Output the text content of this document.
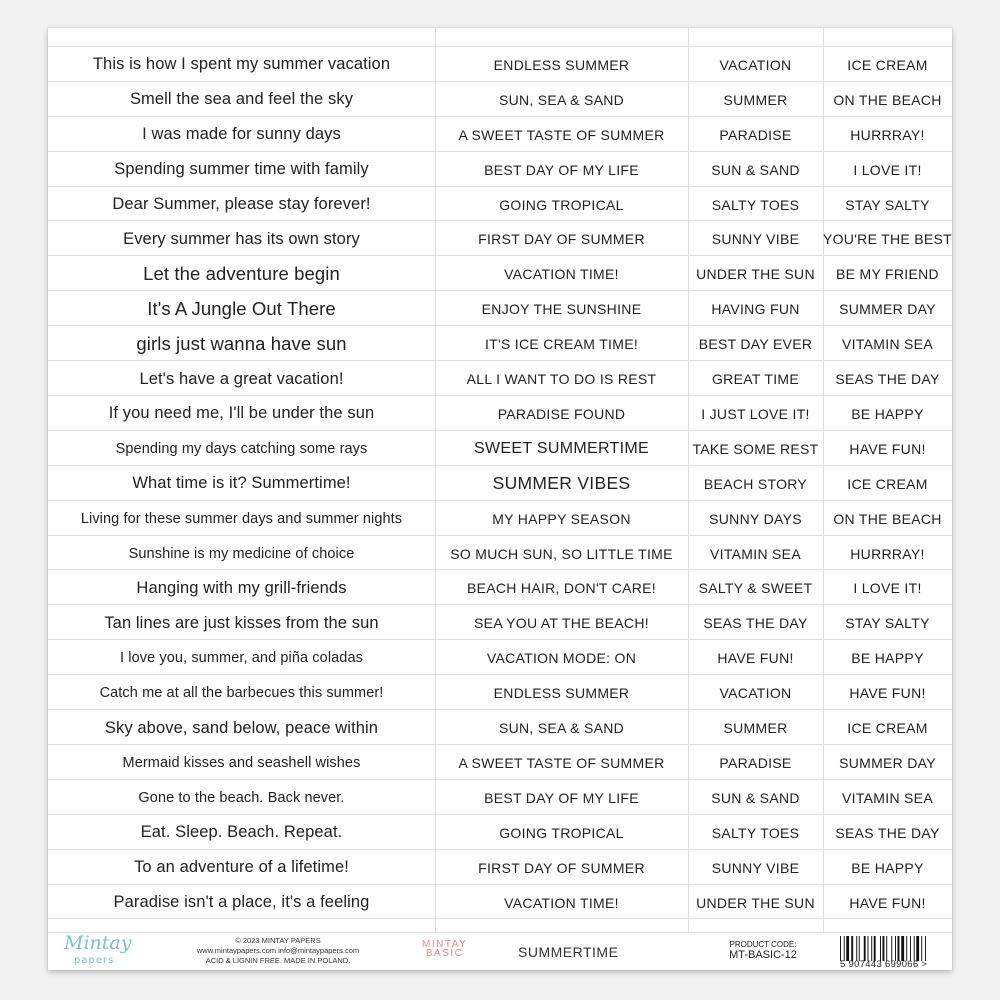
This is how I spent my summer vacation	ENDLESS SUMMER	VACATION	ICE CREAM
Smell the sea and feel the sky	SUN, SEA & SAND	SUMMER	ON THE BEACH
I was made for sunny days	A SWEET TASTE OF SUMMER	PARADISE	HURRRAY!
Spending summer time with family	BEST DAY OF MY LIFE	SUN & SAND	I LOVE IT!
Dear Summer, please stay forever!	GOING TROPICAL	SALTY TOES	STAY SALTY
Every summer has its own story	FIRST DAY OF SUMMER	SUNNY VIBE	YOU'RE THE BEST
Let the adventure begin	VACATION TIME!	UNDER THE SUN	BE MY FRIEND
It's A Jungle Out There	ENJOY THE SUNSHINE	HAVING FUN	SUMMER DAY
girls just wanna have sun	IT'S ICE CREAM TIME!	BEST DAY EVER	VITAMIN SEA
Let's have a great vacation!	ALL I WANT TO DO IS REST	GREAT TIME	SEAS THE DAY
If you need me, I'll be under the sun	PARADISE FOUND	I JUST LOVE IT!	BE HAPPY
Spending my days catching some rays	SWEET SUMMERTIME	TAKE SOME REST	HAVE FUN!
What time is it? Summertime!	SUMMER VIBES	BEACH STORY	ICE CREAM
Living for these summer days and summer nights	MY HAPPY SEASON	SUNNY DAYS	ON THE BEACH
Sunshine is my medicine of choice	SO MUCH SUN, SO LITTLE TIME	VITAMIN SEA	HURRRAY!
Hanging with my grill-friends	BEACH HAIR, DON'T CARE!	SALTY & SWEET	I LOVE IT!
Tan lines are just kisses from the sun	SEA YOU AT THE BEACH!	SEAS THE DAY	STAY SALTY
I love you, summer, and piña coladas	VACATION MODE: ON	HAVE FUN!	BE HAPPY
Catch me at all the barbecues this summer!	ENDLESS SUMMER	VACATION	HAVE FUN!
Sky above, sand below, peace within	SUN, SEA & SAND	SUMMER	ICE CREAM
Mermaid kisses and seashell wishes	A SWEET TASTE OF SUMMER	PARADISE	SUMMER DAY
Gone to the beach. Back never.	BEST DAY OF MY LIFE	SUN & SAND	VITAMIN SEA
Eat. Sleep. Beach. Repeat.	GOING TROPICAL	SALTY TOES	SEAS THE DAY
To an adventure of a lifetime!	FIRST DAY OF SUMMER	SUNNY VIBE	BE HAPPY
Paradise isn't a place, it's a feeling	VACATION TIME!	UNDER THE SUN	HAVE FUN!
Mintay
papers
© 2023 MINTAY PAPERS
www.mintaypapers.com info@mintaypapers.com
ACID & LIGNIN FREE. MADE IN POLAND.
MINTAY
BASIC	SUMMERTIME	PRODUCT CODE:
MT-BASIC-12
5 907443 699066 >
